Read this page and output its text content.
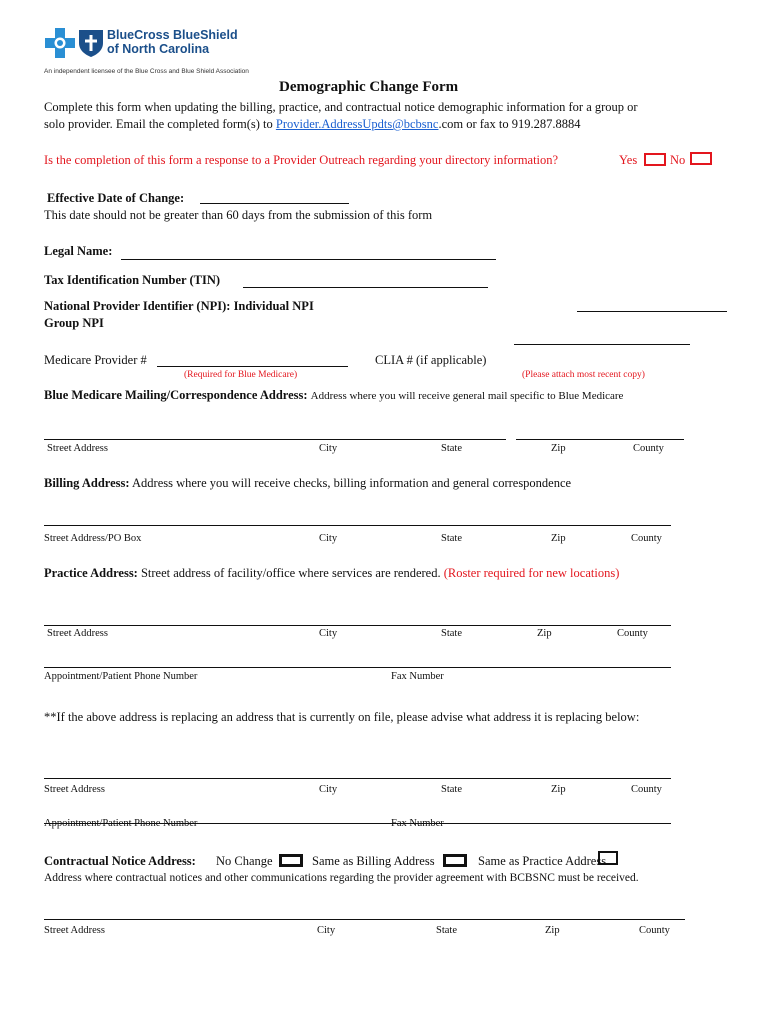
BlueCross BlueShield
of North Carolina
An independent licensee of the Blue Cross and Blue Shield Association
Demographic Change Form
Complete this form when updating the billing, practice, and contractual notice demographic information for a group or
solo provider. Email the completed form(s) to Provider.AddressUpdts@bcbsnc.com or fax to 919.287.8884
Is the completion of this form a response to a Provider Outreach regarding your directory information?	Yes	No
Effective Date of Change:
This date should not be greater than 60 days from the submission of this form
Legal Name:
Tax Identification Number (TIN)
National Provider Identifier (NPI): Individual NPI
Group NPI
Medicare Provider #
(Required for Blue Medicare)
CLIA # (if applicable)
(Please attach most recent copy)
Blue Medicare Mailing/Correspondence Address: Address where you will receive general mail specific to Blue Medicare
Street Address	City	State	Zip	County
Billing Address: Address where you will receive checks, billing information and general correspondence
Street Address/PO Box	City	State	Zip	County
Practice Address: Street address of facility/office where services are rendered. (Roster required for new locations)
Street Address	City	State	Zip	County
Appointment/Patient Phone Number	Fax Number
**If the above address is replacing an address that is currently on file, please advise what address it is replacing below:
Street Address	City	State	Zip	County
Appointment/Patient Phone Number	Fax Number
Contractual Notice Address: No Change	Same as Billing Address	Same as Practice Address
Address where contractual notices and other communications regarding the provider agreement with BCBSNC must be received.
Street Address	City	State	Zip	County
